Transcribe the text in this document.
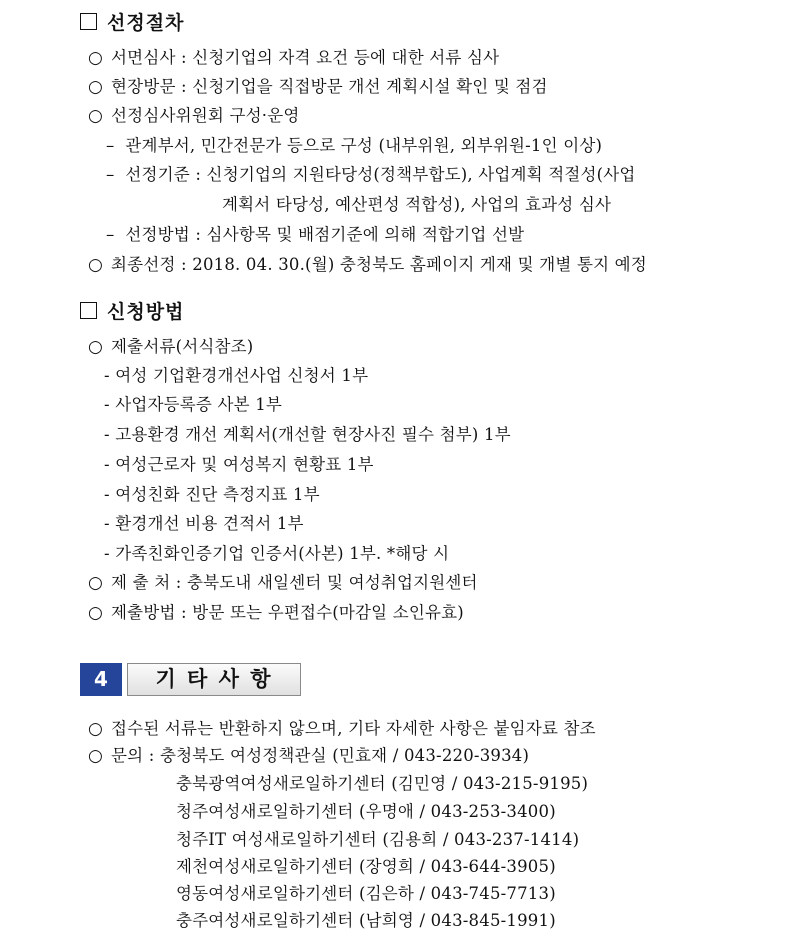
선정절차
○ 서면심사 : 신청기업의 자격 요건 등에 대한 서류 심사
○ 현장방문 : 신청기업을 직접방문 개선 계획시설 확인 및 점검
○ 선정심사위원회 구성·운영
–  관계부서, 민간전문가 등으로 구성 (내부위원, 외부위원-1인 이상)
–  선정기준 : 신청기업의 지원타당성(정책부합도), 사업계획 적절성(사업
계획서 타당성, 예산편성 적합성), 사업의 효과성 심사
–  선정방법 : 심사항목 및 배점기준에 의해 적합기업 선발
○ 최종선정 : 2018. 04. 30.(월) 충청북도 홈페이지 게재 및 개별 통지 예정
신청방법
○ 제출서류(서식참조)
- 여성 기업환경개선사업 신청서 1부
- 사업자등록증 사본 1부
- 고용환경 개선 계획서(개선할 현장사진 필수 첨부) 1부
- 여성근로자 및 여성복지 현황표 1부
- 여성친화 진단 측정지표 1부
- 환경개선 비용 견적서 1부
- 가족친화인증기업 인증서(사본) 1부. *해당 시
○ 제 출 처 : 충북도내 새일센터 및 여성취업지원센터
○ 제출방법 : 방문 또는 우편접수(마감일 소인유효)
4	기 타 사 항
○ 접수된 서류는 반환하지 않으며, 기타 자세한 사항은 붙임자료 참조
○ 문의 : 충청북도 여성정책관실 (민효재 / 043-220-3934)
충북광역여성새로일하기센터 (김민영 / 043-215-9195)
청주여성새로일하기센터 (우명애 / 043-253-3400)
청주IT 여성새로일하기센터 (김용희 / 043-237-1414)
제천여성새로일하기센터 (장영희 / 043-644-3905)
영동여성새로일하기센터 (김은하 / 043-745-7713)
충주여성새로일하기센터 (남희영 / 043-845-1991)
